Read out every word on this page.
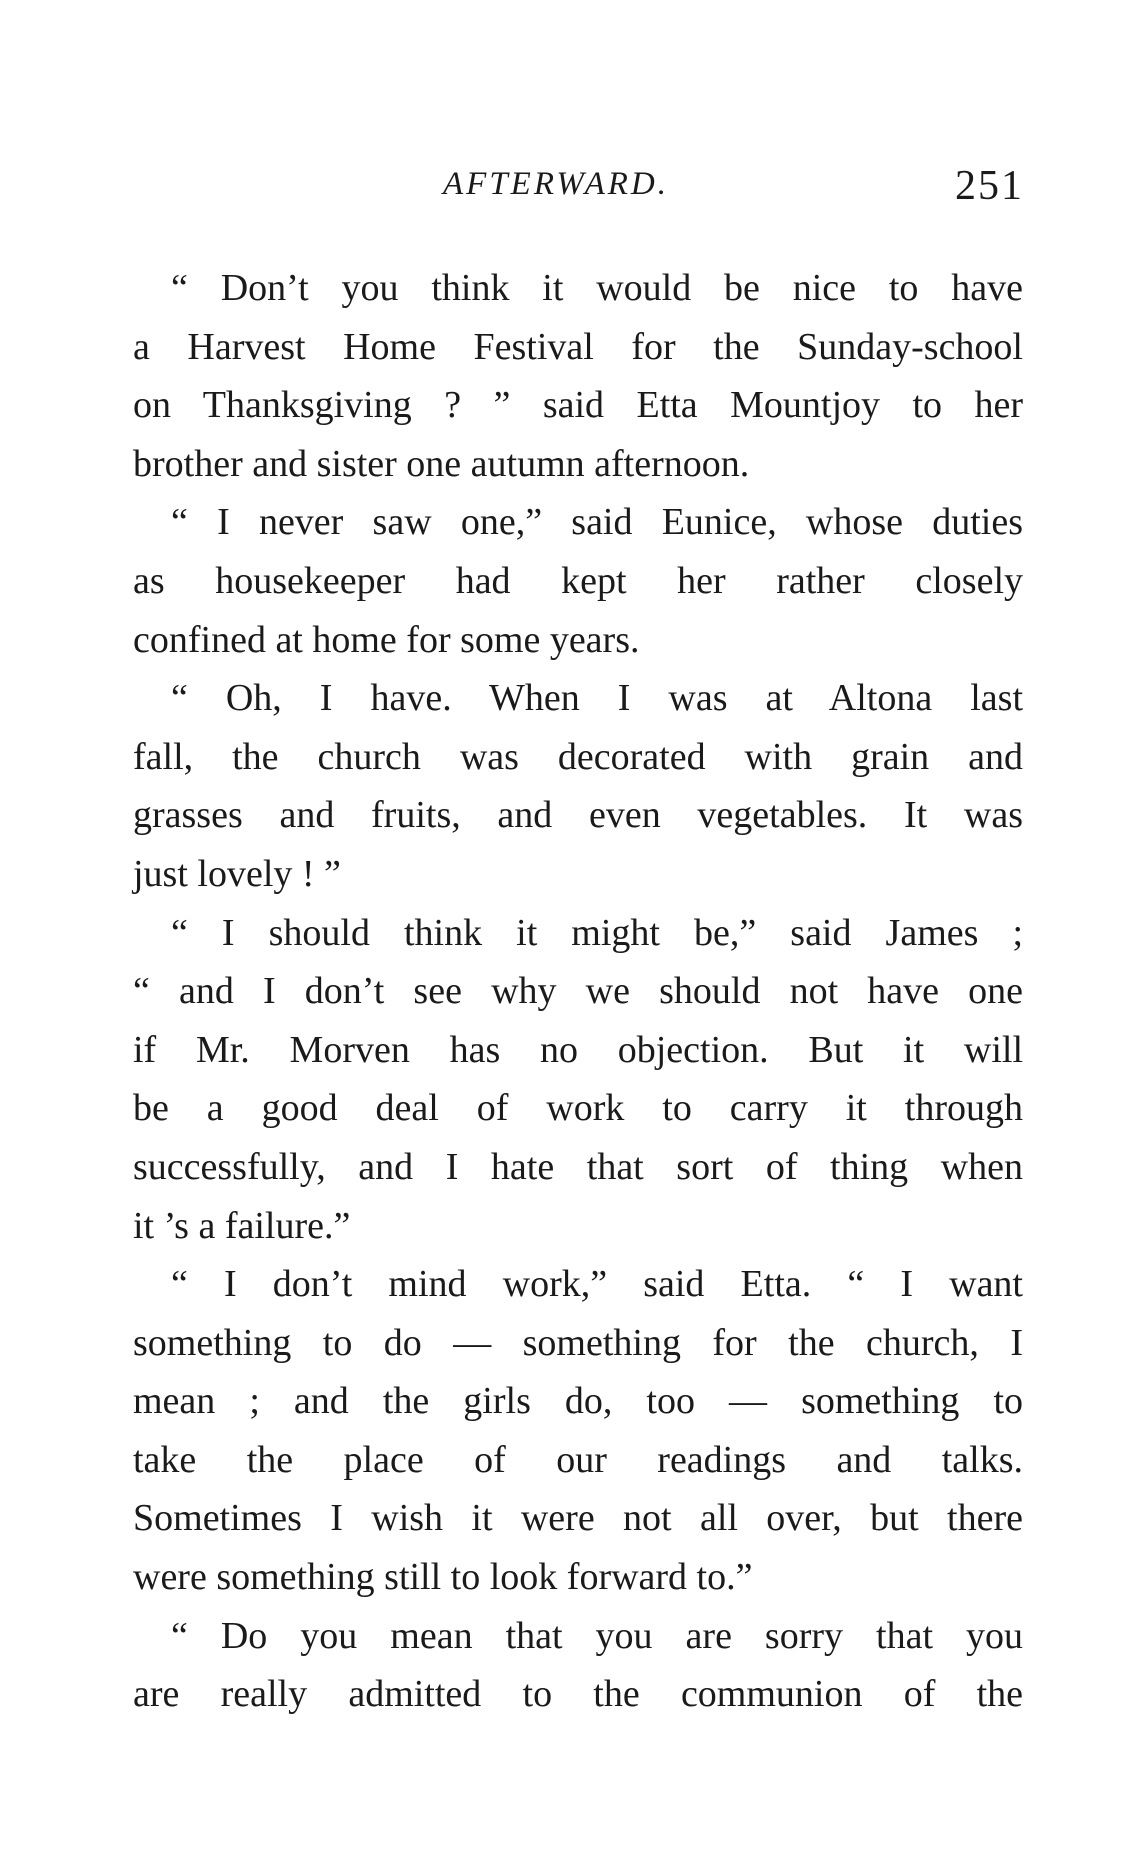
AFTERWARD.	251
“ Don’t you think it would be nice to have
a Harvest Home Festival for the Sunday-school
on Thanksgiving ? ” said Etta Mountjoy to her
brother and sister one autumn afternoon.
“ I never saw one,” said Eunice, whose duties
as housekeeper had kept her rather closely
confined at home for some years.
“ Oh, I have. When I was at Altona last
fall, the church was decorated with grain and
grasses and fruits, and even vegetables. It was
just lovely ! ”
“ I should think it might be,” said James ;
“ and I don’t see why we should not have one
if Mr. Morven has no objection. But it will
be a good deal of work to carry it through
successfully, and I hate that sort of thing when
it ’s a failure.”
“ I don’t mind work,” said Etta. “ I want
something to do — something for the church, I
mean ; and the girls do, too — something to
take the place of our readings and talks.
Sometimes I wish it were not all over, but there
were something still to look forward to.”
“ Do you mean that you are sorry that you
are really admitted to the communion of the
